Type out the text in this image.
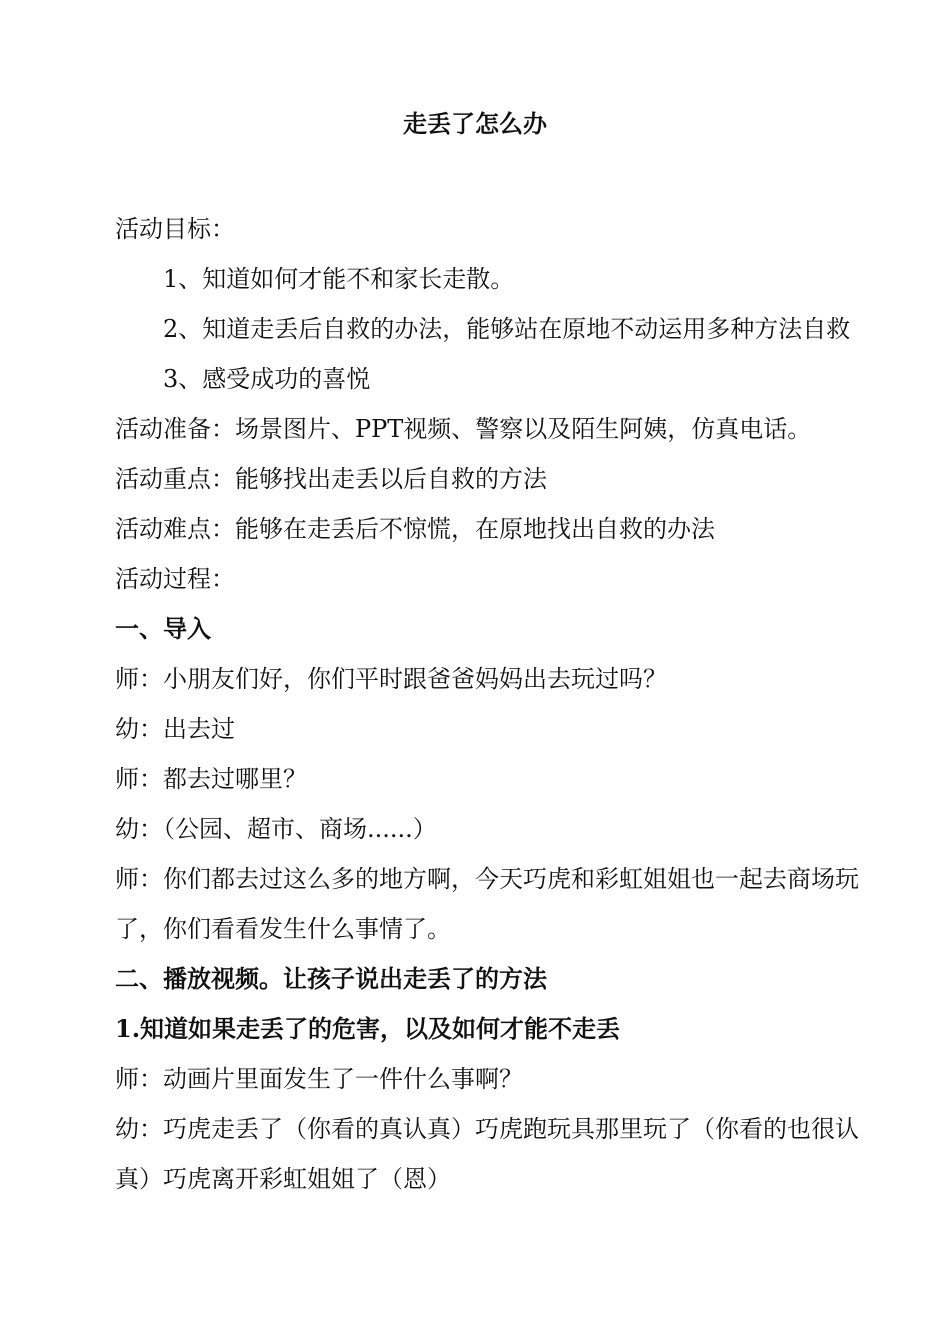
走丢了怎么办

活动目标：

1、知道如何才能不和家长走散。

2、知道走丢后自救的办法，能够站在原地不动运用多种方法自救

3、感受成功的喜悦

活动准备：场景图片、PPT视频、警察以及陌生阿姨，仿真电话。

活动重点：能够找出走丢以后自救的方法

活动难点：能够在走丢后不惊慌，在原地找出自救的办法

活动过程：

一、导入

师：小朋友们好，你们平时跟爸爸妈妈出去玩过吗？

幼：出去过

师：都去过哪里？

幼：（公园、超市、商场......）

师：你们都去过这么多的地方啊，今天巧虎和彩虹姐姐也一起去商场玩了，你们看看发生什么事情了。

二、播放视频。让孩子说出走丢了的方法

1.知道如果走丢了的危害，以及如何才能不走丢

师：动画片里面发生了一件什么事啊？

幼：巧虎走丢了（你看的真认真）巧虎跑玩具那里玩了（你看的也很认真）巧虎离开彩虹姐姐了（恩）
